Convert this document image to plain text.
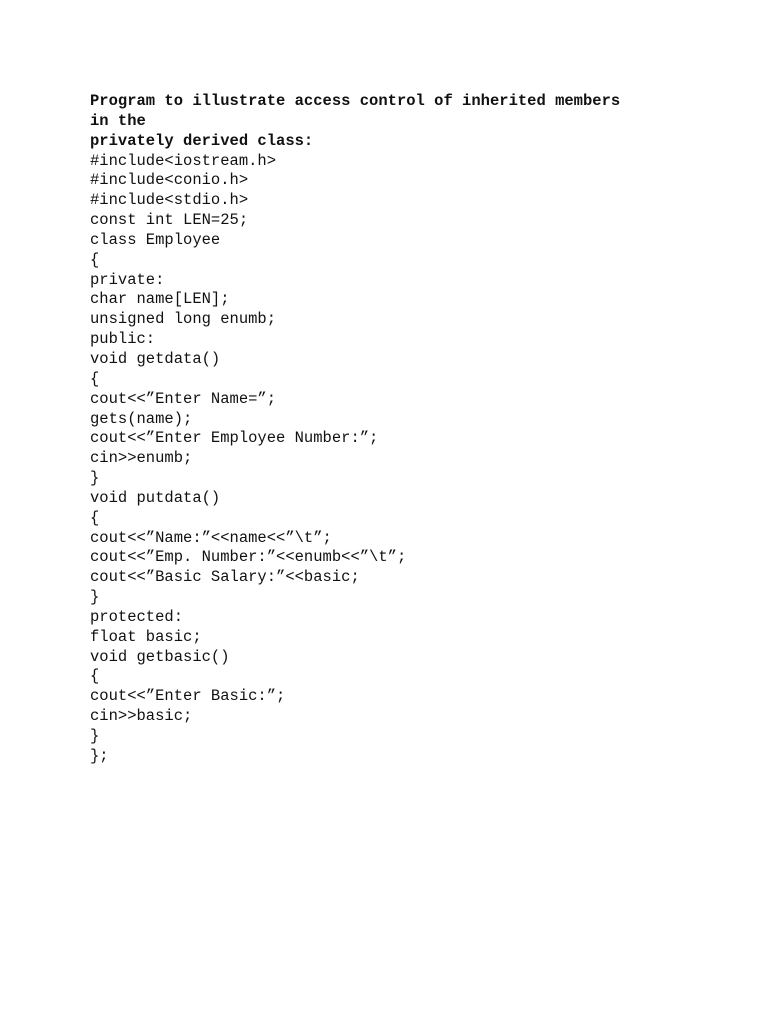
Program to illustrate access control of inherited members
in the
privately derived class:
#include<iostream.h>
#include<conio.h>
#include<stdio.h>
const int LEN=25;
class Employee
{
private:
char name[LEN];
unsigned long enumb;
public:
void getdata()
{
cout<<”Enter Name=”;
gets(name);
cout<<”Enter Employee Number:”;
cin>>enumb;
}
void putdata()
{
cout<<”Name:”<<name<<”\t”;
cout<<”Emp. Number:”<<enumb<<”\t”;
cout<<”Basic Salary:”<<basic;
}
protected:
float basic;
void getbasic()
{
cout<<”Enter Basic:”;
cin>>basic;
}
};
